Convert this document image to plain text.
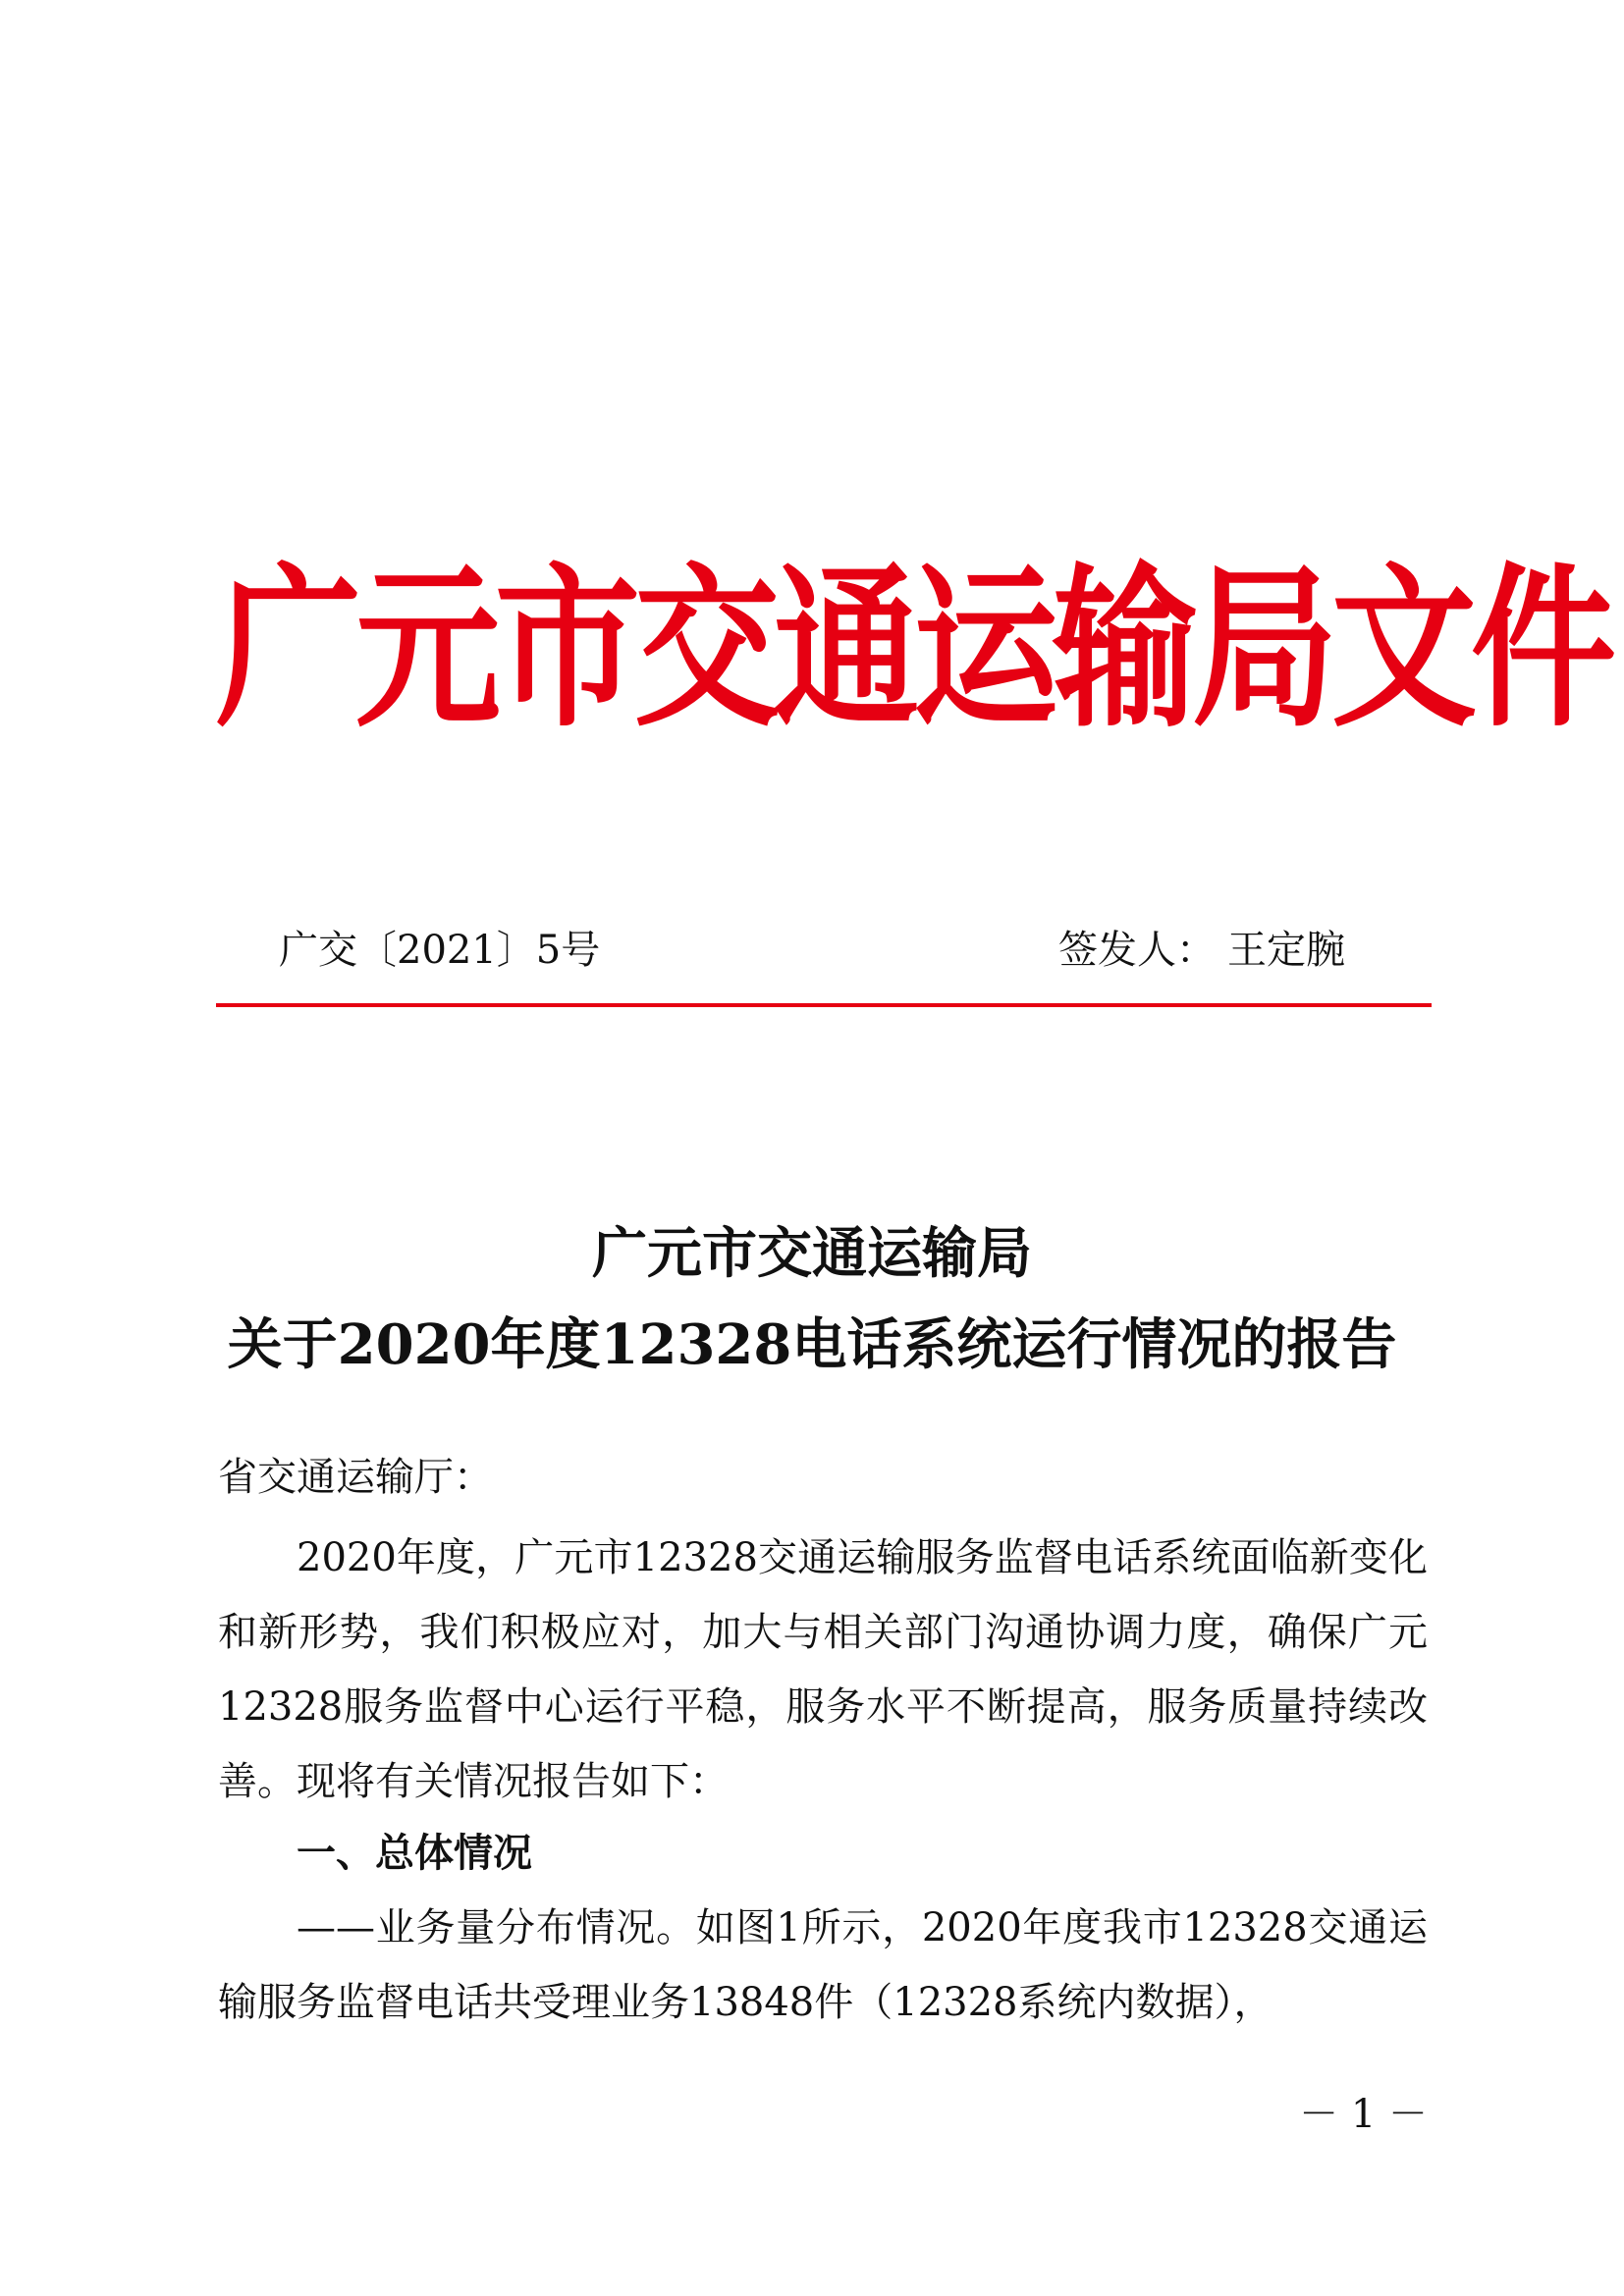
广元市交通运输局文件
广交〔2021〕5号	签发人： 王定腕
广元市交通运输局
关于2020年度12328电话系统运行情况的报告
省交通运输厅：

2020年度，广元市12328交通运输服务监督电话系统面临新变化和新形势，我们积极应对，加大与相关部门沟通协调力度，确保广元12328服务监督中心运行平稳，服务水平不断提高，服务质量持续改善。现将有关情况报告如下：

一、总体情况

——业务量分布情况。如图1所示，2020年度我市12328交通运输服务监督电话共受理业务13848件（12328系统内数据），

－ 1 －
